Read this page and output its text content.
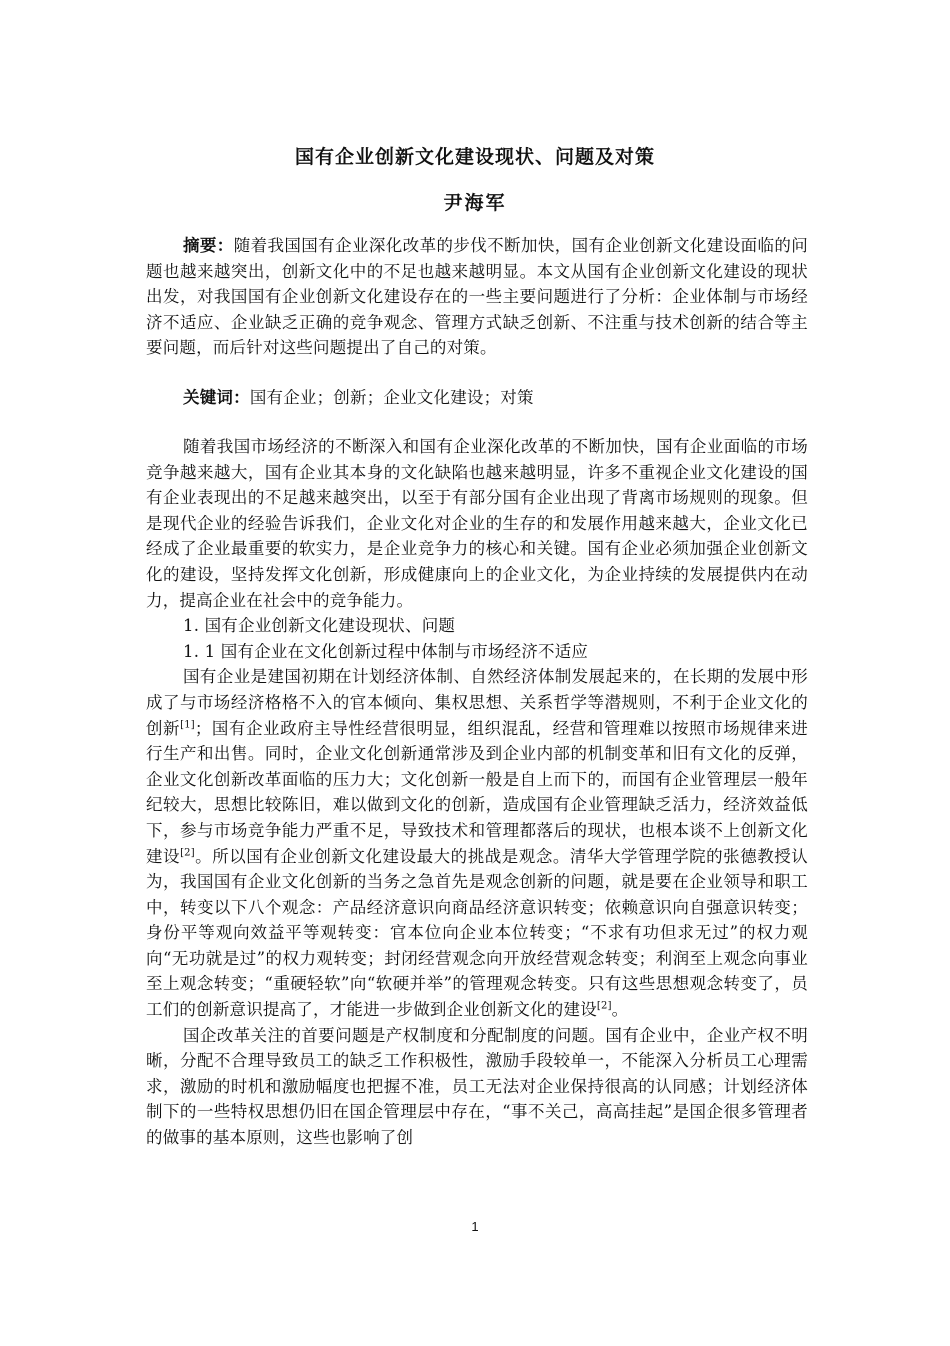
国有企业创新文化建设现状、问题及对策
尹海军

摘要：随着我国国有企业深化改革的步伐不断加快，国有企业创新文化建设面临的问题也越来越突出，创新文化中的不足也越来越明显。本文从国有企业创新文化建设的现状出发，对我国国有企业创新文化建设存在的一些主要问题进行了分析：企业体制与市场经济不适应、企业缺乏正确的竞争观念、管理方式缺乏创新、不注重与技术创新的结合等主要问题，而后针对这些问题提出了自己的对策。

关键词：国有企业；创新；企业文化建设；对策

随着我国市场经济的不断深入和国有企业深化改革的不断加快，国有企业面临的市场竞争越来越大，国有企业其本身的文化缺陷也越来越明显，许多不重视企业文化建设的国有企业表现出的不足越来越突出，以至于有部分国有企业出现了背离市场规则的现象。但是现代企业的经验告诉我们，企业文化对企业的生存的和发展作用越来越大，企业文化已经成了企业最重要的软实力，是企业竞争力的核心和关键。国有企业必须加强企业创新文化的建设，坚持发挥文化创新，形成健康向上的企业文化，为企业持续的发展提供内在动力，提高企业在社会中的竞争能力。

1. 国有企业创新文化建设现状、问题

1. 1 国有企业在文化创新过程中体制与市场经济不适应

国有企业是建国初期在计划经济体制、自然经济体制发展起来的，在长期的发展中形成了与市场经济格格不入的官本倾向、集权思想、关系哲学等潜规则，不利于企业文化的创新[1]；国有企业政府主导性经营很明显，组织混乱，经营和管理难以按照市场规律来进行生产和出售。同时，企业文化创新通常涉及到企业内部的机制变革和旧有文化的反弹，企业文化创新改革面临的压力大；文化创新一般是自上而下的，而国有企业管理层一般年纪较大，思想比较陈旧，难以做到文化的创新，造成国有企业管理缺乏活力，经济效益低下，参与市场竞争能力严重不足，导致技术和管理都落后的现状，也根本谈不上创新文化建设[2]。所以国有企业创新文化建设最大的挑战是观念。清华大学管理学院的张德教授认为，我国国有企业文化创新的当务之急首先是观念创新的问题，就是要在企业领导和职工中，转变以下八个观念：产品经济意识向商品经济意识转变；依赖意识向自强意识转变；身份平等观向效益平等观转变：官本位向企业本位转变；“不求有功但求无过”的权力观向“无功就是过”的权力观转变；封闭经营观念向开放经营观念转变；利润至上观念向事业至上观念转变；“重硬轻软”向“软硬并举”的管理观念转变。只有这些思想观念转变了，员工们的创新意识提高了，才能进一步做到企业创新文化的建设[2]。

国企改革关注的首要问题是产权制度和分配制度的问题。国有企业中，企业产权不明晰，分配不合理导致员工的缺乏工作积极性，激励手段较单一，不能深入分析员工心理需求，激励的时机和激励幅度也把握不准，员工无法对企业保持很高的认同感；计划经济体制下的一些特权思想仍旧在国企管理层中存在，“事不关己，高高挂起”是国企很多管理者的做事的基本原则，这些也影响了创

1
